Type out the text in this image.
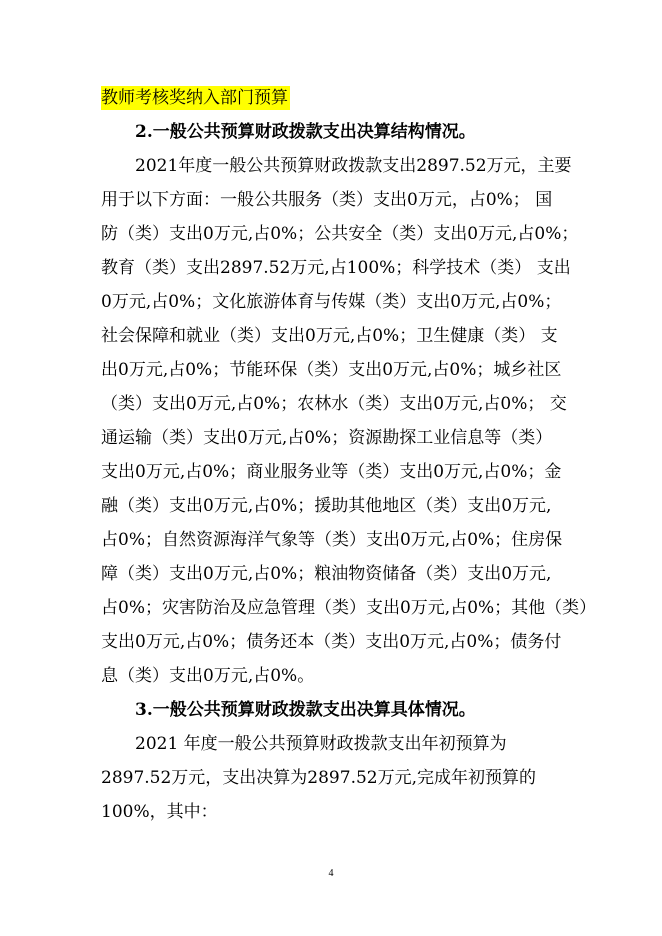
教师考核奖纳入部门预算
2.一般公共预算财政拨款支出决算结构情况。
2021年度一般公共预算财政拨款支出2897.52万元，主要
用于以下方面：一般公共服务（类）支出0万元，占0%； 国
防（类）支出0万元,占0%；公共安全（类）支出0万元,占0%；
教育（类）支出2897.52万元,占100%；科学技术（类） 支出
0万元,占0%；文化旅游体育与传媒（类）支出0万元,占0%；
社会保障和就业（类）支出0万元,占0%；卫生健康（类） 支
出0万元,占0%；节能环保（类）支出0万元,占0%；城乡社区
（类）支出0万元,占0%；农林水（类）支出0万元,占0%； 交
通运输（类）支出0万元,占0%；资源勘探工业信息等（类）
支出0万元,占0%；商业服务业等（类）支出0万元,占0%；金
融（类）支出0万元,占0%；援助其他地区（类）支出0万元,
占0%；自然资源海洋气象等（类）支出0万元,占0%；住房保
障（类）支出0万元,占0%；粮油物资储备（类）支出0万元,
占0%；灾害防治及应急管理（类）支出0万元,占0%；其他（类）
支出0万元,占0%；债务还本（类）支出0万元,占0%；债务付
息（类）支出0万元,占0%。
3.一般公共预算财政拨款支出决算具体情况。
2021 年度一般公共预算财政拨款支出年初预算为
2897.52万元，支出决算为2897.52万元,完成年初预算的
100%，其中：
4
